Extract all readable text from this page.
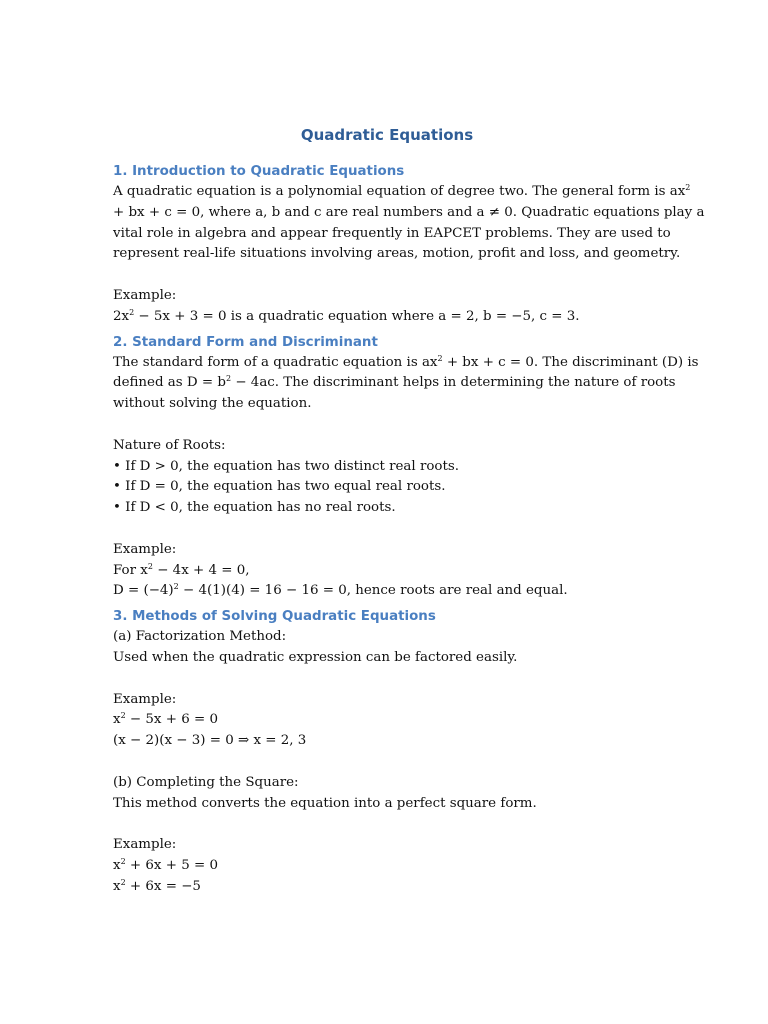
Quadratic Equations
1. Introduction to Quadratic Equations
A quadratic equation is a polynomial equation of degree two. The general form is $ax^2$
+ bx + c = 0, where a, b and c are real numbers and a ≠ 0. Quadratic equations play a
vital role in algebra and appear frequently in EAPCET problems. They are used to
represent real-life situations involving areas, motion, profit and loss, and geometry.
Example:
$2x^2 - 5x + 3 = 0$ is a quadratic equation where a = 2, b = −5, c = 3.
2. Standard Form and Discriminant
The standard form of a quadratic equation is $ax^2$ + bx + c = 0. The discriminant (D) is
defined as $D = b^2 - 4ac$. The discriminant helps in determining the nature of roots
without solving the equation.
Nature of Roots:
• If D > 0, the equation has two distinct real roots.
• If D = 0, the equation has two equal real roots.
• If D < 0, the equation has no real roots.
Example:
For $x^2 - 4x + 4 = 0$,
$D = (-4)^2 - 4(1)(4) = 16 - 16 = 0$, hence roots are real and equal.
3. Methods of Solving Quadratic Equations
(a) Factorization Method:
Used when the quadratic expression can be factored easily.
Example:
$x^2 - 5x + 6 = 0$
(x − 2)(x − 3) = 0 ⇒ x = 2, 3
(b) Completing the Square:
This method converts the equation into a perfect square form.
Example:
$x^2 + 6x + 5 = 0$
$x^2 + 6x = -5$
